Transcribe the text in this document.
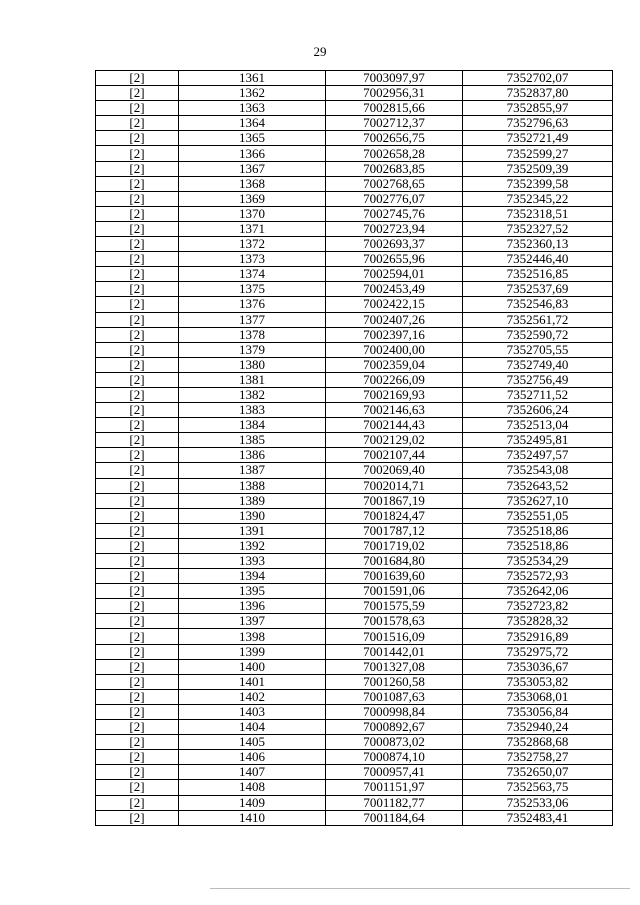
29
[2]	1361	7003097,97	7352702,07
[2]	1362	7002956,31	7352837,80
[2]	1363	7002815,66	7352855,97
[2]	1364	7002712,37	7352796,63
[2]	1365	7002656,75	7352721,49
[2]	1366	7002658,28	7352599,27
[2]	1367	7002683,85	7352509,39
[2]	1368	7002768,65	7352399,58
[2]	1369	7002776,07	7352345,22
[2]	1370	7002745,76	7352318,51
[2]	1371	7002723,94	7352327,52
[2]	1372	7002693,37	7352360,13
[2]	1373	7002655,96	7352446,40
[2]	1374	7002594,01	7352516,85
[2]	1375	7002453,49	7352537,69
[2]	1376	7002422,15	7352546,83
[2]	1377	7002407,26	7352561,72
[2]	1378	7002397,16	7352590,72
[2]	1379	7002400,00	7352705,55
[2]	1380	7002359,04	7352749,40
[2]	1381	7002266,09	7352756,49
[2]	1382	7002169,93	7352711,52
[2]	1383	7002146,63	7352606,24
[2]	1384	7002144,43	7352513,04
[2]	1385	7002129,02	7352495,81
[2]	1386	7002107,44	7352497,57
[2]	1387	7002069,40	7352543,08
[2]	1388	7002014,71	7352643,52
[2]	1389	7001867,19	7352627,10
[2]	1390	7001824,47	7352551,05
[2]	1391	7001787,12	7352518,86
[2]	1392	7001719,02	7352518,86
[2]	1393	7001684,80	7352534,29
[2]	1394	7001639,60	7352572,93
[2]	1395	7001591,06	7352642,06
[2]	1396	7001575,59	7352723,82
[2]	1397	7001578,63	7352828,32
[2]	1398	7001516,09	7352916,89
[2]	1399	7001442,01	7352975,72
[2]	1400	7001327,08	7353036,67
[2]	1401	7001260,58	7353053,82
[2]	1402	7001087,63	7353068,01
[2]	1403	7000998,84	7353056,84
[2]	1404	7000892,67	7352940,24
[2]	1405	7000873,02	7352868,68
[2]	1406	7000874,10	7352758,27
[2]	1407	7000957,41	7352650,07
[2]	1408	7001151,97	7352563,75
[2]	1409	7001182,77	7352533,06
[2]	1410	7001184,64	7352483,41
